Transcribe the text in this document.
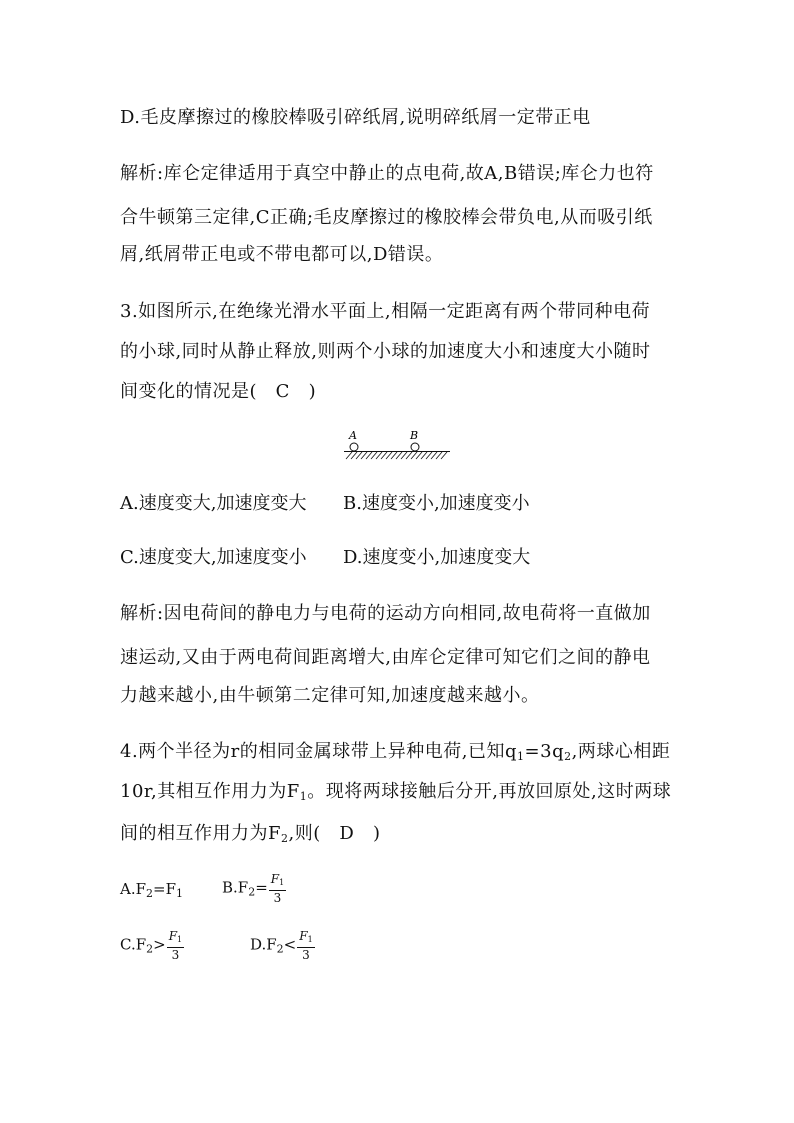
D.毛皮摩擦过的橡胶棒吸引碎纸屑,说明碎纸屑一定带正电
解析:库仑定律适用于真空中静止的点电荷,故A,B错误;库仑力也符
合牛顿第三定律,C正确;毛皮摩擦过的橡胶棒会带负电,从而吸引纸
屑,纸屑带正电或不带电都可以,D错误。
3.如图所示,在绝缘光滑水平面上,相隔一定距离有两个带同种电荷
的小球,同时从静止释放,则两个小球的加速度大小和速度大小随时
间变化的情况是(   C   )
A	B
A.速度变大,加速度变大 B.速度变小,加速度变小
C.速度变大,加速度变小 D.速度变小,加速度变大
解析:因电荷间的静电力与电荷的运动方向相同,故电荷将一直做加
速运动,又由于两电荷间距离增大,由库仑定律可知它们之间的静电
力越来越小,由牛顿第二定律可知,加速度越来越小。
4.两个半径为r的相同金属球带上异种电荷,已知$q_1=3q_2$,两球心相距
10r,其相互作用力为$F_1$。现将两球接触后分开,再放回原处,这时两球
间的相互作用力为$F_2$,则(   D   )
$A.F_2=F_1$	$B.F_2= \frac{F_1}{3}$
$C.F_2> \frac{F_1}{3}$	$D.F_2< \frac{F_1}{3}$
